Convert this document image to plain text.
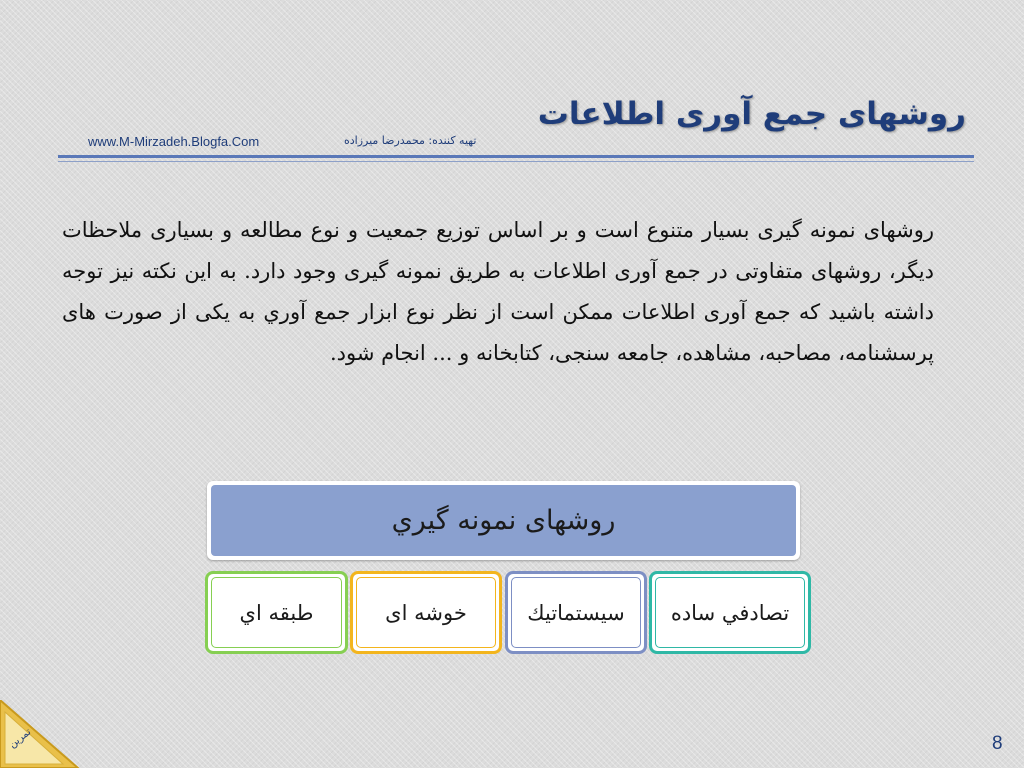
روشهای جمع آوری اطلاعات
تهیه کننده: محمدرضا میرزاده
www.M-Mirzadeh.Blogfa.Com

روشهای نمونه گیری بسیار متنوع است و بر اساس توزیع جمعیت و نوع مطالعه و بسیاری ملاحظات دیگر، روشهای متفاوتی در جمع آوری اطلاعات به طریق نمونه گیری وجود دارد. به این نکته نیز توجه داشته باشید که جمع آوری اطلاعات ممکن است از نظر نوع ابزار جمع آوري به یکی از صورت های پرسشنامه، مصاحبه، مشاهده، جامعه سنجی، کتابخانه و ... انجام شود.

روشهای نمونه گیري
تصادفي ساده
سیستماتیك
خوشه ای
طبقه اي
تمرین	8
